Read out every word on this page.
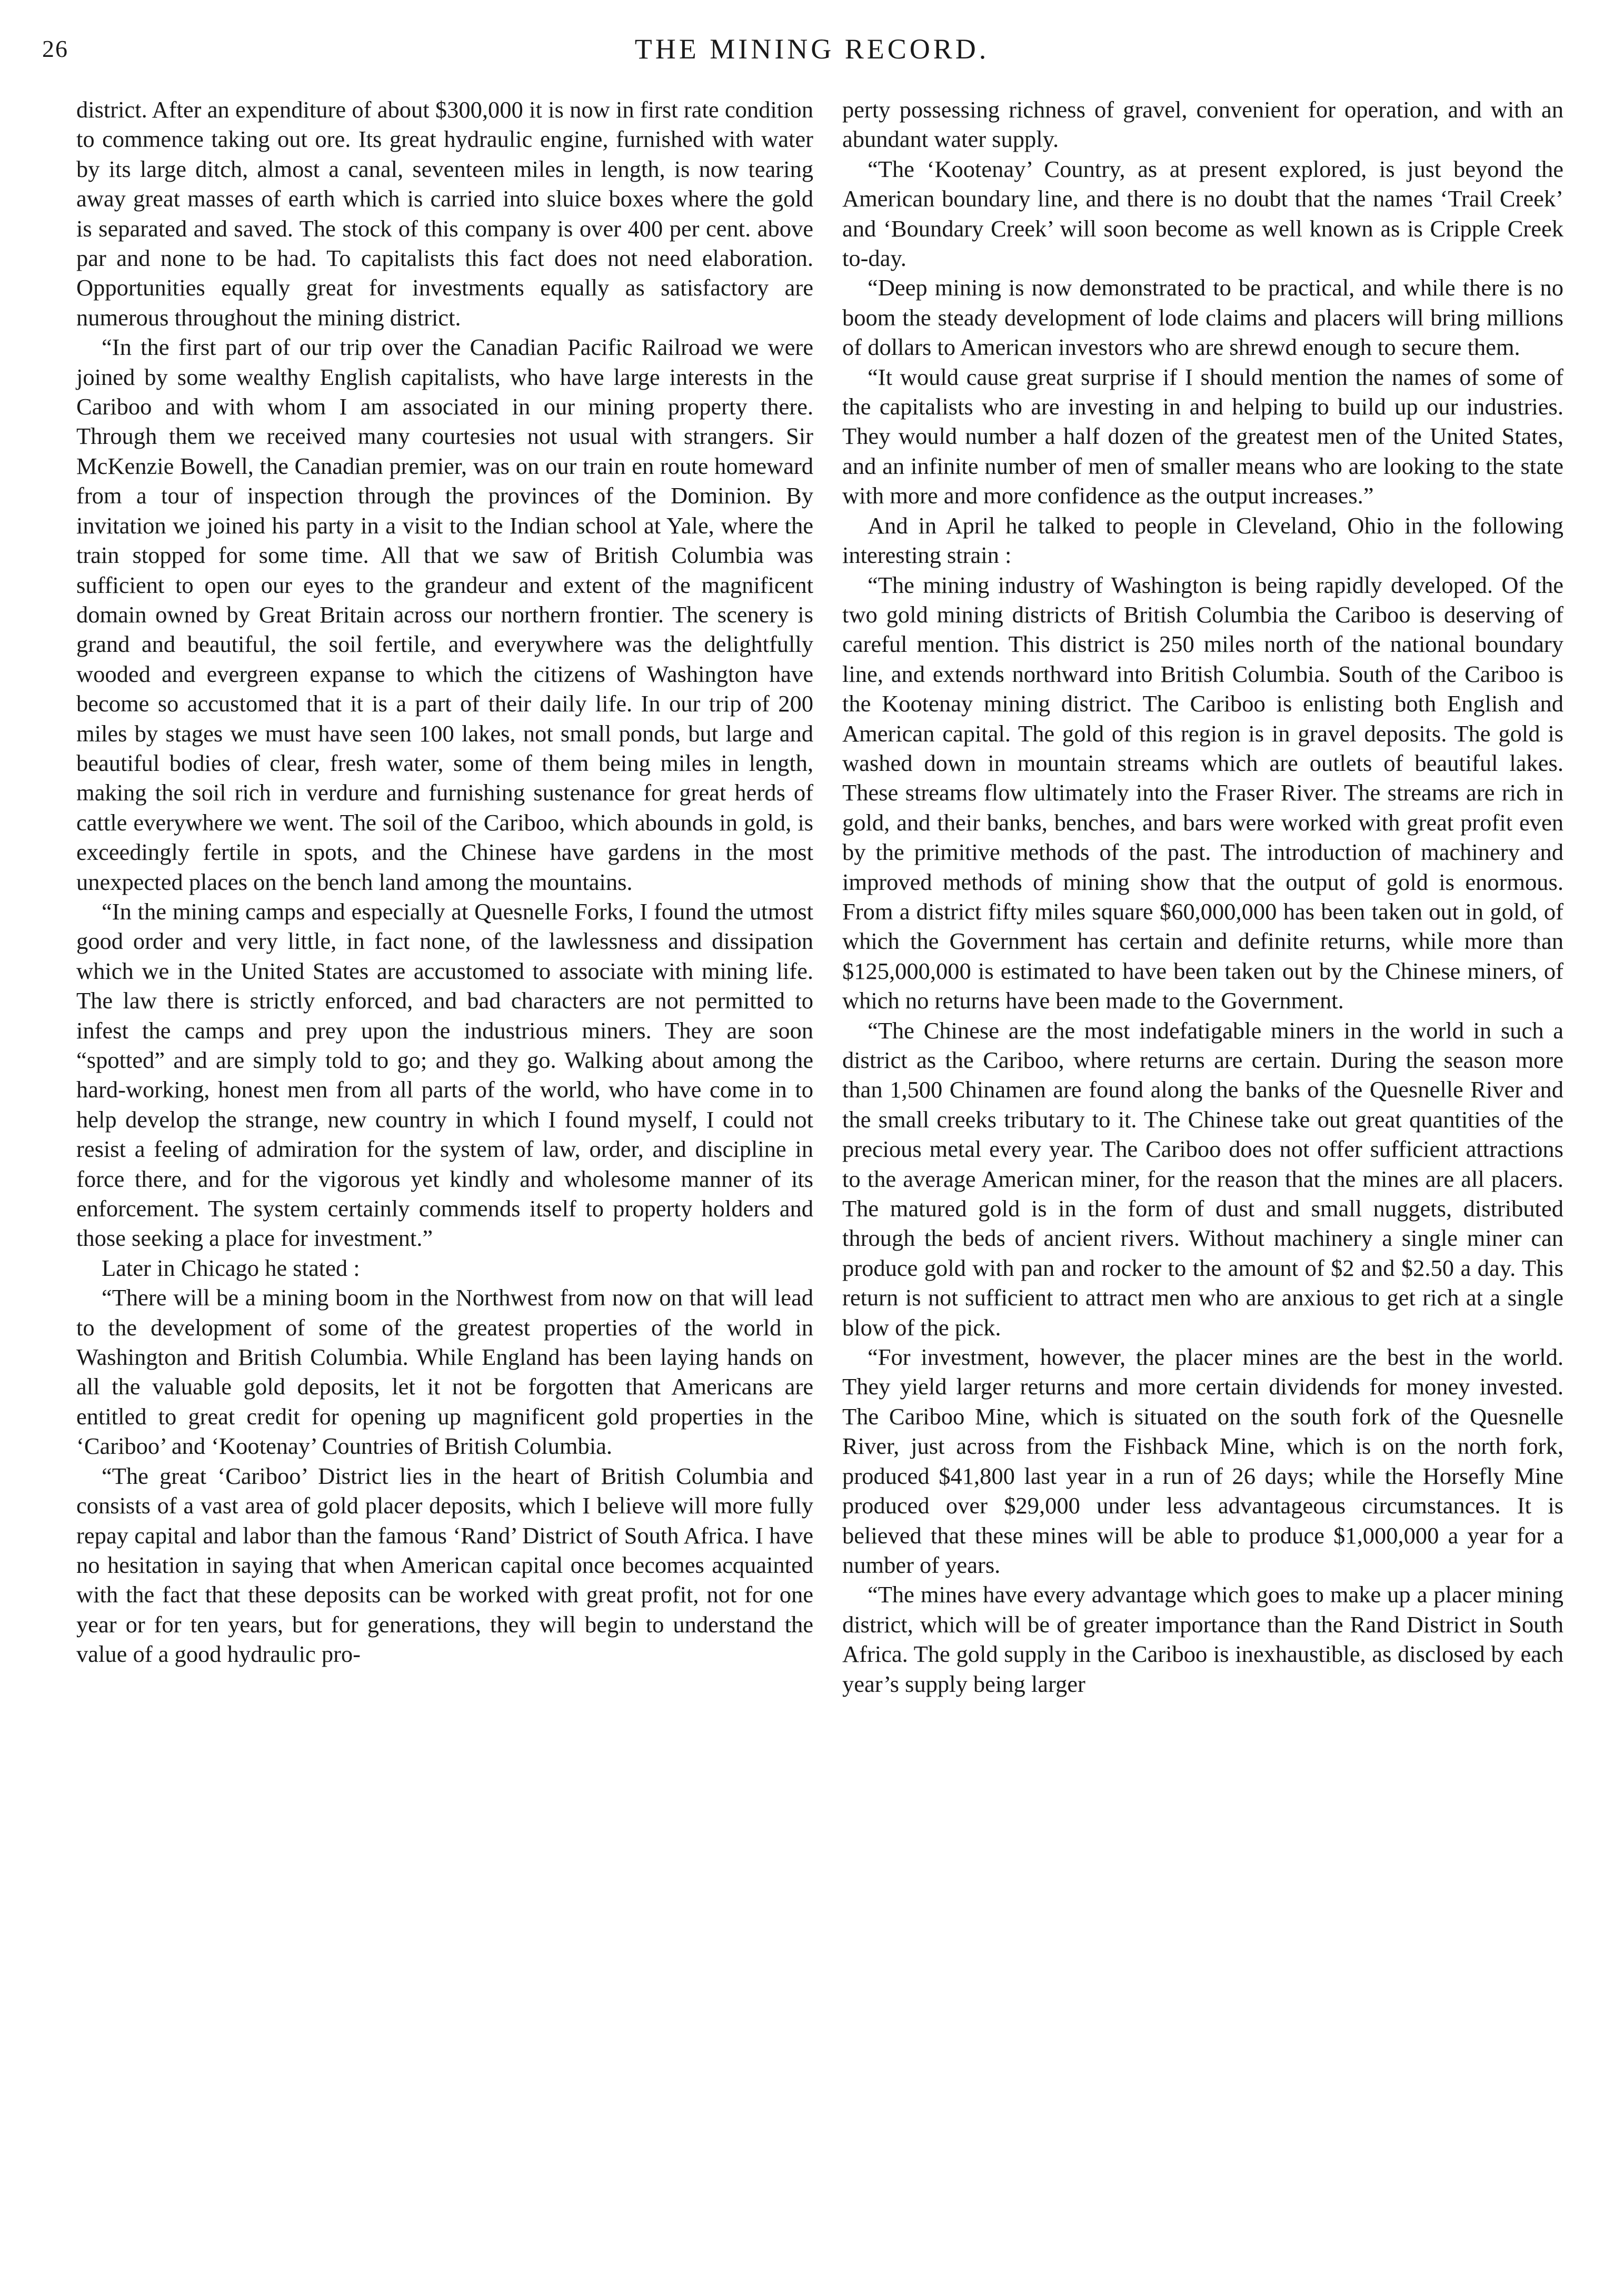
26	THE MINING RECORD.

district. After an expenditure of about $300,000 it is now in first rate condition to commence taking out ore. Its great hydraulic engine, furnished with water by its large ditch, almost a canal, seventeen miles in length, is now tearing away great masses of earth which is carried into sluice boxes where the gold is separated and saved. The stock of this company is over 400 per cent. above par and none to be had. To capitalists this fact does not need elaboration. Opportunities equally great for investments equally as satisfactory are numerous throughout the mining district.

“In the first part of our trip over the Canadian Pacific Railroad we were joined by some wealthy English capitalists, who have large interests in the Cariboo and with whom I am associated in our mining property there. Through them we received many courtesies not usual with strangers. Sir McKenzie Bowell, the Canadian premier, was on our train en route homeward from a tour of inspection through the provinces of the Dominion. By invitation we joined his party in a visit to the Indian school at Yale, where the train stopped for some time. All that we saw of British Columbia was sufficient to open our eyes to the grandeur and extent of the magnificent domain owned by Great Britain across our northern frontier. The scenery is grand and beautiful, the soil fertile, and everywhere was the delightfully wooded and evergreen expanse to which the citizens of Washington have become so accustomed that it is a part of their daily life. In our trip of 200 miles by stages we must have seen 100 lakes, not small ponds, but large and beautiful bodies of clear, fresh water, some of them being miles in length, making the soil rich in verdure and furnishing sustenance for great herds of cattle everywhere we went. The soil of the Cariboo, which abounds in gold, is exceedingly fertile in spots, and the Chinese have gardens in the most unexpected places on the bench land among the mountains.

“In the mining camps and especially at Quesnelle Forks, I found the utmost good order and very little, in fact none, of the lawlessness and dissipation which we in the United States are accustomed to associate with mining life. The law there is strictly enforced, and bad characters are not permitted to infest the camps and prey upon the industrious miners. They are soon “spotted” and are simply told to go; and they go. Walking about among the hard-working, honest men from all parts of the world, who have come in to help develop the strange, new country in which I found myself, I could not resist a feeling of admiration for the system of law, order, and discipline in force there, and for the vigorous yet kindly and wholesome manner of its enforcement. The system certainly commends itself to property holders and those seeking a place for investment.”

Later in Chicago he stated :

“There will be a mining boom in the Northwest from now on that will lead to the development of some of the greatest properties of the world in Washington and British Columbia. While England has been laying hands on all the valuable gold deposits, let it not be forgotten that Americans are entitled to great credit for opening up magnificent gold properties in the ‘Cariboo’ and ‘Kootenay’ Countries of British Columbia.

“The great ‘Cariboo’ District lies in the heart of British Columbia and consists of a vast area of gold placer deposits, which I believe will more fully repay capital and labor than the famous ‘Rand’ District of South Africa. I have no hesitation in saying that when American capital once becomes acquainted with the fact that these deposits can be worked with great profit, not for one year or for ten years, but for generations, they will begin to understand the value of a good hydraulic pro-

perty possessing richness of gravel, convenient for operation, and with an abundant water supply.

“The ‘Kootenay’ Country, as at present explored, is just beyond the American boundary line, and there is no doubt that the names ‘Trail Creek’ and ‘Boundary Creek’ will soon become as well known as is Cripple Creek to-day.

“Deep mining is now demonstrated to be practical, and while there is no boom the steady development of lode claims and placers will bring millions of dollars to American investors who are shrewd enough to secure them.

“It would cause great surprise if I should mention the names of some of the capitalists who are investing in and helping to build up our industries. They would number a half dozen of the greatest men of the United States, and an infinite number of men of smaller means who are looking to the state with more and more confidence as the output increases.”

And in April he talked to people in Cleveland, Ohio in the following interesting strain :

“The mining industry of Washington is being rapidly developed. Of the two gold mining districts of British Columbia the Cariboo is deserving of careful mention. This district is 250 miles north of the national boundary line, and extends northward into British Columbia. South of the Cariboo is the Kootenay mining district. The Cariboo is enlisting both English and American capital. The gold of this region is in gravel deposits. The gold is washed down in mountain streams which are outlets of beautiful lakes. These streams flow ultimately into the Fraser River. The streams are rich in gold, and their banks, benches, and bars were worked with great profit even by the primitive methods of the past. The introduction of machinery and improved methods of mining show that the output of gold is enormous. From a district fifty miles square $60,000,000 has been taken out in gold, of which the Government has certain and definite returns, while more than $125,000,000 is estimated to have been taken out by the Chinese miners, of which no returns have been made to the Government.

“The Chinese are the most indefatigable miners in the world in such a district as the Cariboo, where returns are certain. During the season more than 1,500 Chinamen are found along the banks of the Quesnelle River and the small creeks tributary to it. The Chinese take out great quantities of the precious metal every year. The Cariboo does not offer sufficient attractions to the average American miner, for the reason that the mines are all placers. The matured gold is in the form of dust and small nuggets, distributed through the beds of ancient rivers. Without machinery a single miner can produce gold with pan and rocker to the amount of $2 and $2.50 a day. This return is not sufficient to attract men who are anxious to get rich at a single blow of the pick.

“For investment, however, the placer mines are the best in the world. They yield larger returns and more certain dividends for money invested. The Cariboo Mine, which is situated on the south fork of the Quesnelle River, just across from the Fishback Mine, which is on the north fork, produced $41,800 last year in a run of 26 days; while the Horsefly Mine produced over $29,000 under less advantageous circumstances. It is believed that these mines will be able to produce $1,000,000 a year for a number of years.

“The mines have every advantage which goes to make up a placer mining district, which will be of greater importance than the Rand District in South Africa. The gold supply in the Cariboo is inexhaustible, as disclosed by each year’s supply being larger
